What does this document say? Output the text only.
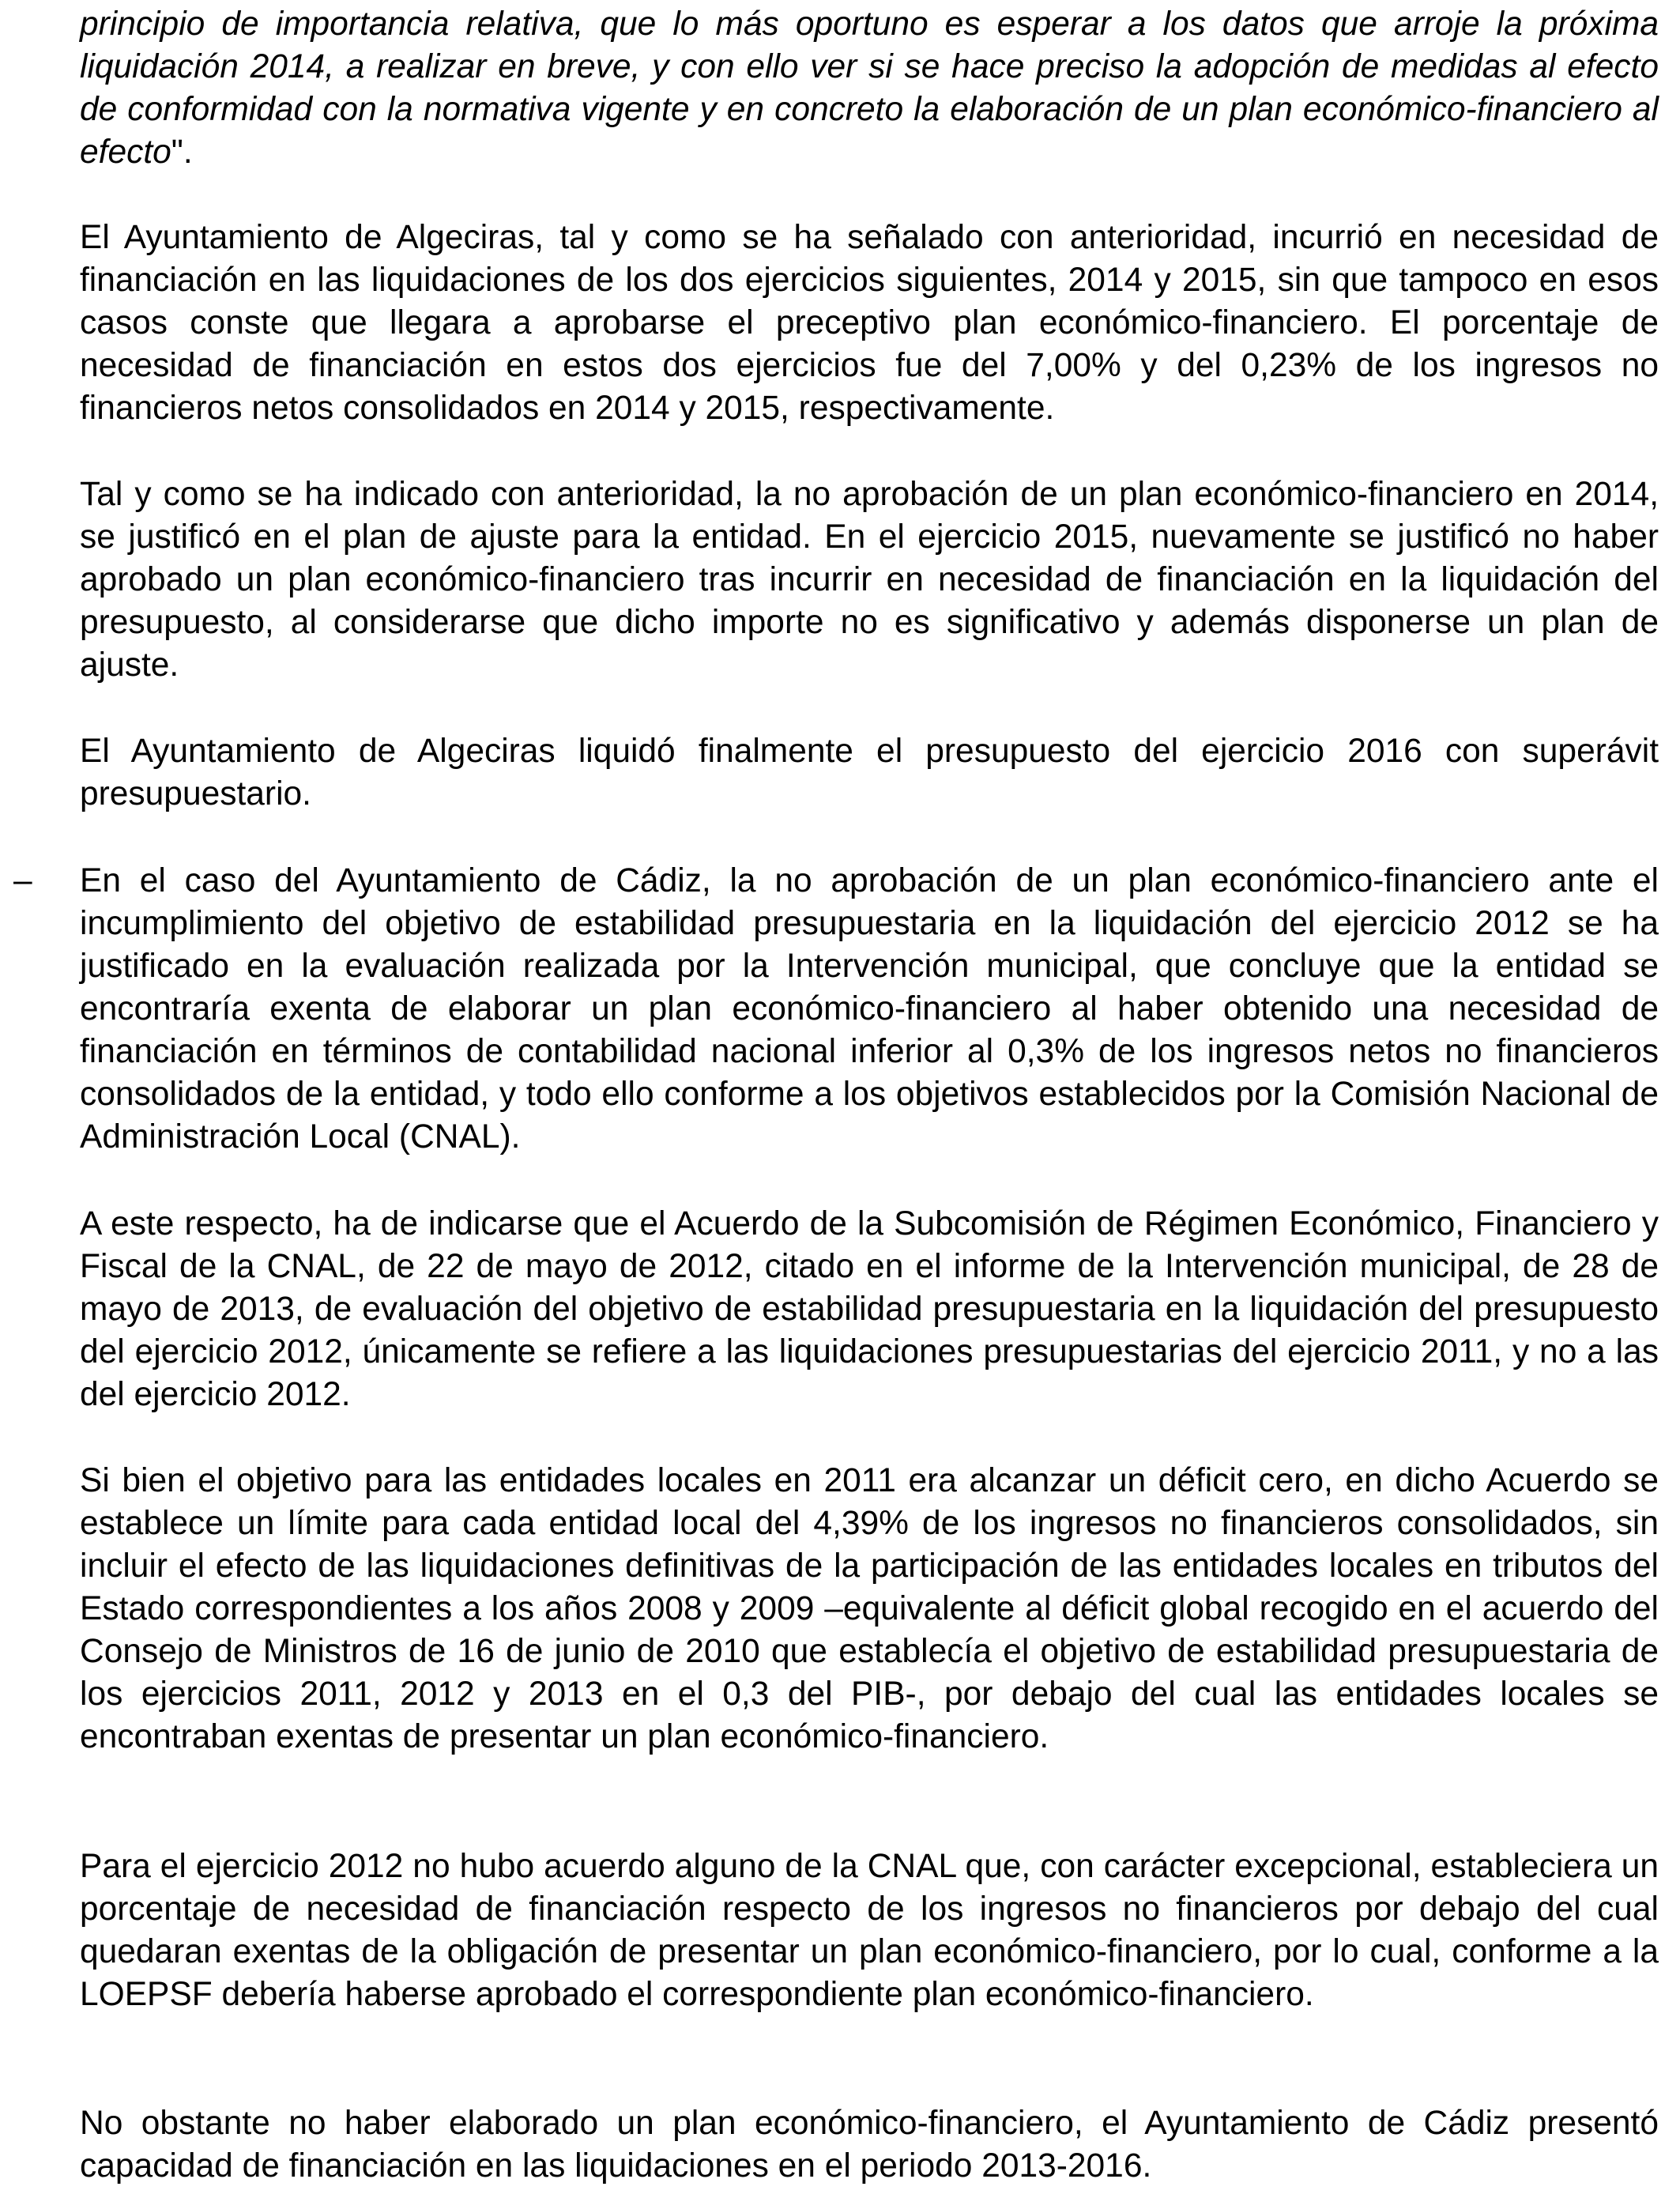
principio de importancia relativa, que lo más oportuno es esperar a los datos que arroje la próxima liquidación 2014, a realizar en breve, y con ello ver si se hace preciso la adopción de medidas al efecto de conformidad con la normativa vigente y en concreto la elaboración de un plan económico-financiero al efecto".

El Ayuntamiento de Algeciras, tal y como se ha señalado con anterioridad, incurrió en necesidad de financiación en las liquidaciones de los dos ejercicios siguientes, 2014 y 2015, sin que tampoco en esos casos conste que llegara a aprobarse el preceptivo plan económico-financiero. El porcentaje de necesidad de financiación en estos dos ejercicios fue del 7,00% y del 0,23% de los ingresos no financieros netos consolidados en 2014 y 2015, respectivamente.

Tal y como se ha indicado con anterioridad, la no aprobación de un plan económico-financiero en 2014, se justificó en el plan de ajuste para la entidad. En el ejercicio 2015, nuevamente se justificó no haber aprobado un plan económico-financiero tras incurrir en necesidad de financiación en la liquidación del presupuesto, al considerarse que dicho importe no es significativo y además disponerse un plan de ajuste.

El Ayuntamiento de Algeciras liquidó finalmente el presupuesto del ejercicio 2016 con superávit presupuestario.

– En el caso del Ayuntamiento de Cádiz, la no aprobación de un plan económico-financiero ante el incumplimiento del objetivo de estabilidad presupuestaria en la liquidación del ejercicio 2012 se ha justificado en la evaluación realizada por la Intervención municipal, que concluye que la entidad se encontraría exenta de elaborar un plan económico-financiero al haber obtenido una necesidad de financiación en términos de contabilidad nacional inferior al 0,3% de los ingresos netos no financieros consolidados de la entidad, y todo ello conforme a los objetivos establecidos por la Comisión Nacional de Administración Local (CNAL).

A este respecto, ha de indicarse que el Acuerdo de la Subcomisión de Régimen Económico, Financiero y Fiscal de la CNAL, de 22 de mayo de 2012, citado en el informe de la Intervención municipal, de 28 de mayo de 2013, de evaluación del objetivo de estabilidad presupuestaria en la liquidación del presupuesto del ejercicio 2012, únicamente se refiere a las liquidaciones presupuestarias del ejercicio 2011, y no a las del ejercicio 2012.

Si bien el objetivo para las entidades locales en 2011 era alcanzar un déficit cero, en dicho Acuerdo se establece un límite para cada entidad local del 4,39% de los ingresos no financieros consolidados, sin incluir el efecto de las liquidaciones definitivas de la participación de las entidades locales en tributos del Estado correspondientes a los años 2008 y 2009 –equivalente al déficit global recogido en el acuerdo del Consejo de Ministros de 16 de junio de 2010 que establecía el objetivo de estabilidad presupuestaria de los ejercicios 2011, 2012 y 2013 en el 0,3 del PIB-, por debajo del cual las entidades locales se encontraban exentas de presentar un plan económico-financiero.

Para el ejercicio 2012 no hubo acuerdo alguno de la CNAL que, con carácter excepcional, estableciera un porcentaje de necesidad de financiación respecto de los ingresos no financieros por debajo del cual quedaran exentas de la obligación de presentar un plan económico-financiero, por lo cual, conforme a la LOEPSF debería haberse aprobado el correspondiente plan económico-financiero.

No obstante no haber elaborado un plan económico-financiero, el Ayuntamiento de Cádiz presentó capacidad de financiación en las liquidaciones en el periodo 2013-2016.
